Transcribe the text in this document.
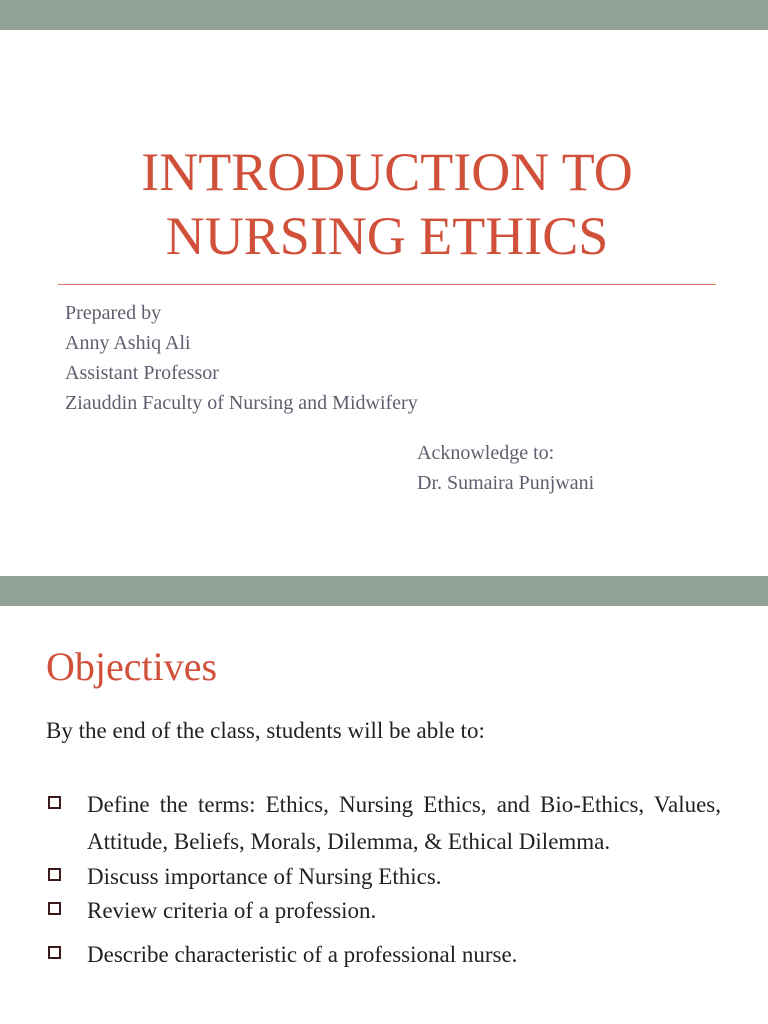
INTRODUCTION TO
NURSING ETHICS
Prepared by
Anny Ashiq Ali
Assistant Professor
Ziauddin Faculty of Nursing and Midwifery
Acknowledge to:
Dr. Sumaira Punjwani
Objectives
By the end of the class, students will be able to:
Define the terms: Ethics, Nursing Ethics, and Bio-Ethics, Values, Attitude, Beliefs, Morals, Dilemma, & Ethical Dilemma.
Discuss importance of Nursing Ethics.
Review criteria of a profession.
Describe characteristic of a professional nurse.
